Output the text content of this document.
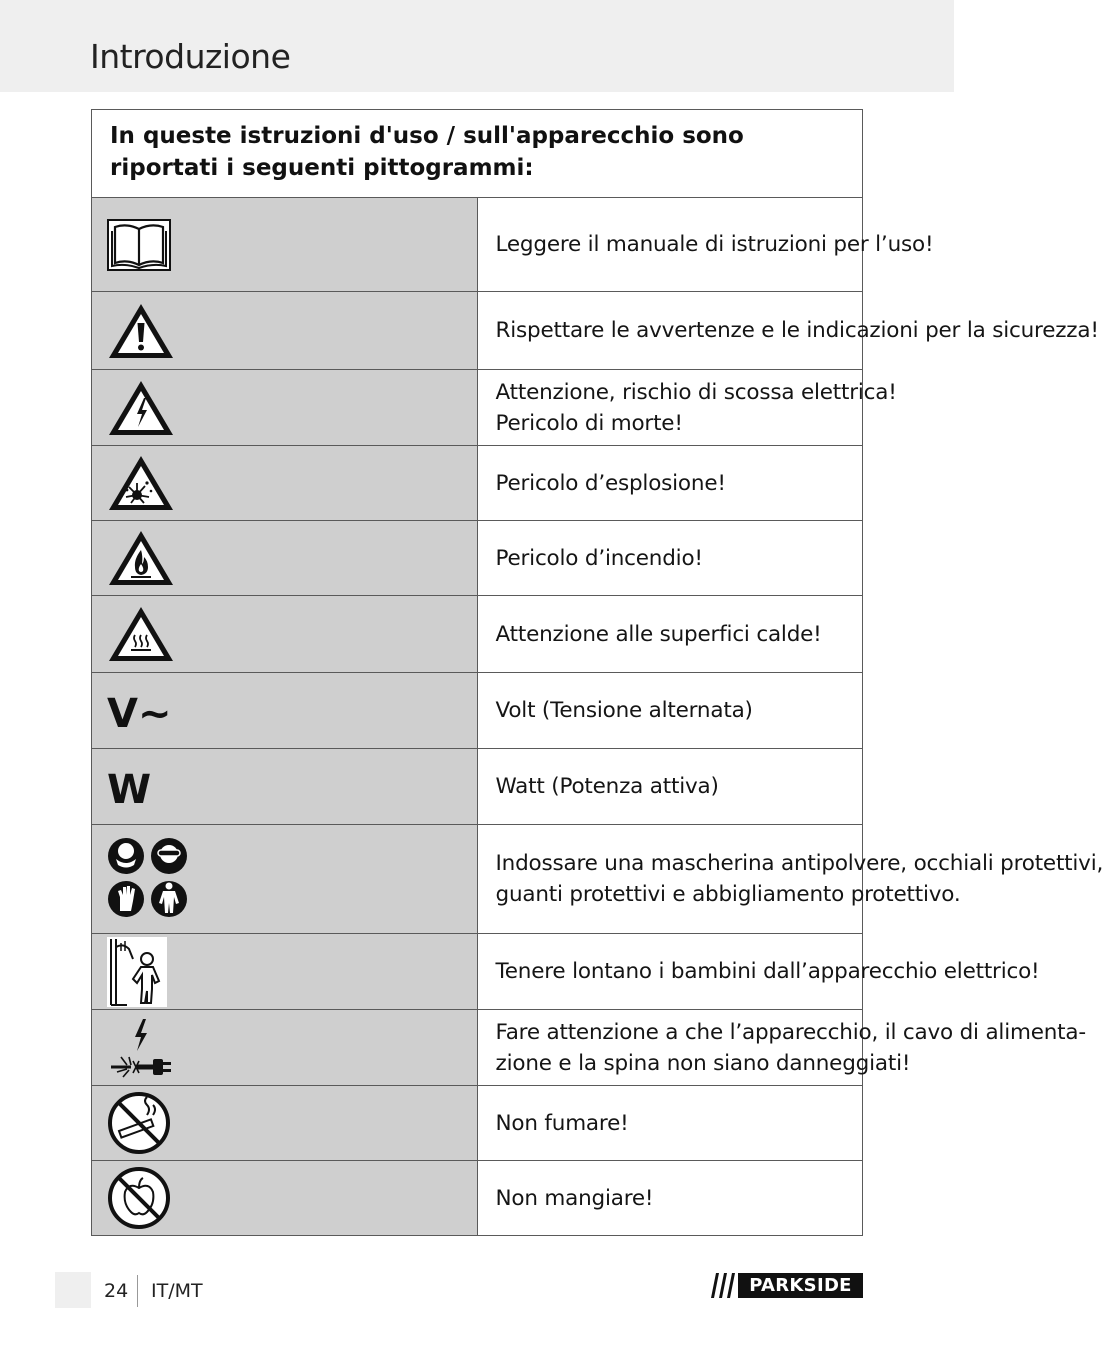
Introduzione
In queste istruzioni d'uso / sull'apparecchio sono
riportati i seguenti pittogrammi:	

Leggere il manuale di istruzioni per l’uso!

Rispettare le avvertenze e le indicazioni per la sicurezza!

Attenzione, rischio di scossa elettrica!
Pericolo di morte!

Pericolo d’esplosione!

Pericolo d’incendio!

Attenzione alle superfici calde!

V~	Volt (Tensione alternata)

W	Watt (Potenza attiva)

Indossare una mascherina antipolvere, occhiali protettivi,
guanti protettivi e abbigliamento protettivo.

Tenere lontano i bambini dall’apparecchio elettrico!

Fare attenzione a che l’apparecchio, il cavo di alimenta-
zione e la spina non siano danneggiati!

Non fumare!

Non mangiare!
24 IT/MT	PARKSIDE
